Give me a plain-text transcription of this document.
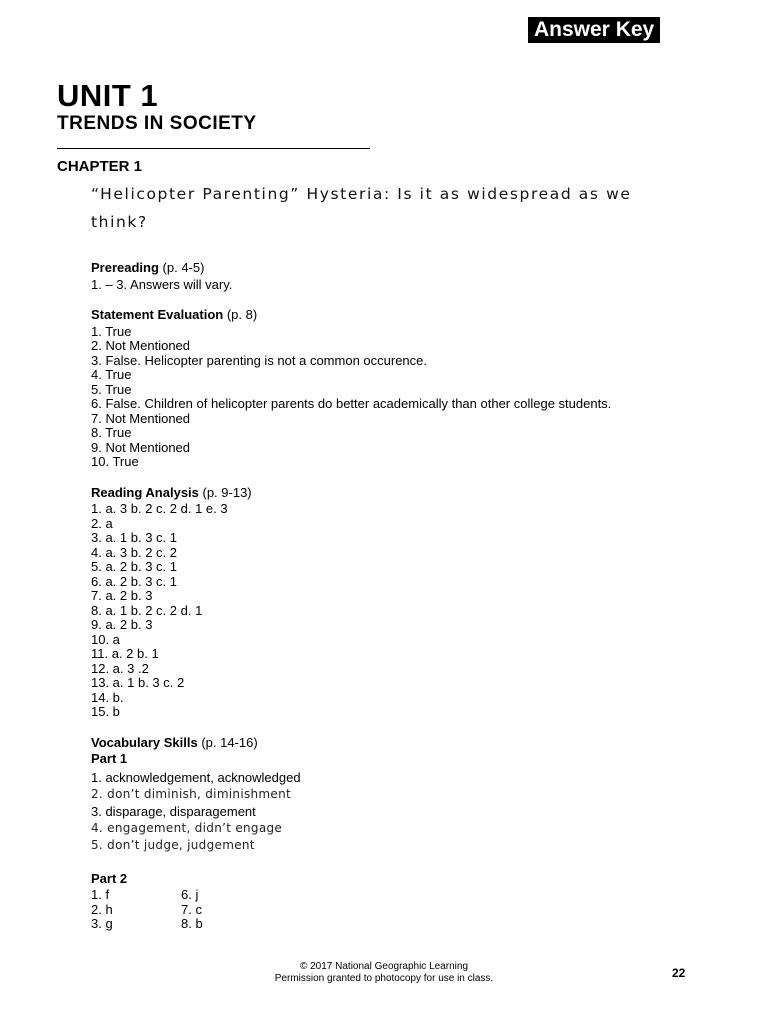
Answer Key
UNIT 1
TRENDS IN SOCIETY
CHAPTER 1
“Helicopter Parenting” Hysteria: Is it as widespread as we think?
Prereading (p. 4-5)
1. – 3. Answers will vary.
Statement Evaluation (p. 8)
1. True
2. Not Mentioned
3. False. Helicopter parenting is not a common occurence.
4. True
5. True
6. False. Children of helicopter parents do better academically than other college students.
7. Not Mentioned
8. True
9. Not Mentioned
10. True
Reading Analysis (p. 9-13)
1. a. 3 b. 2 c. 2 d. 1 e. 3
2. a
3. a. 1 b. 3 c. 1
4. a. 3 b. 2 c. 2
5. a. 2 b. 3 c. 1
6. a. 2 b. 3 c. 1
7. a. 2 b. 3
8. a. 1 b. 2 c. 2 d. 1
9. a. 2 b. 3
10. a
11. a. 2 b. 1
12. a. 3 .2
13. a. 1 b. 3 c. 2
14. b.
15. b
Vocabulary Skills (p. 14-16)
Part 1
1. acknowledgement, acknowledged
2. don’t diminish, diminishment
3. disparage, disparagement
4. engagement, didn’t engage
5. don’t judge, judgement
Part 2
1. f	6. j
2. h	7. c
3. g	8. b
© 2017 National Geographic Learning
Permission granted to photocopy for use in class.	22
